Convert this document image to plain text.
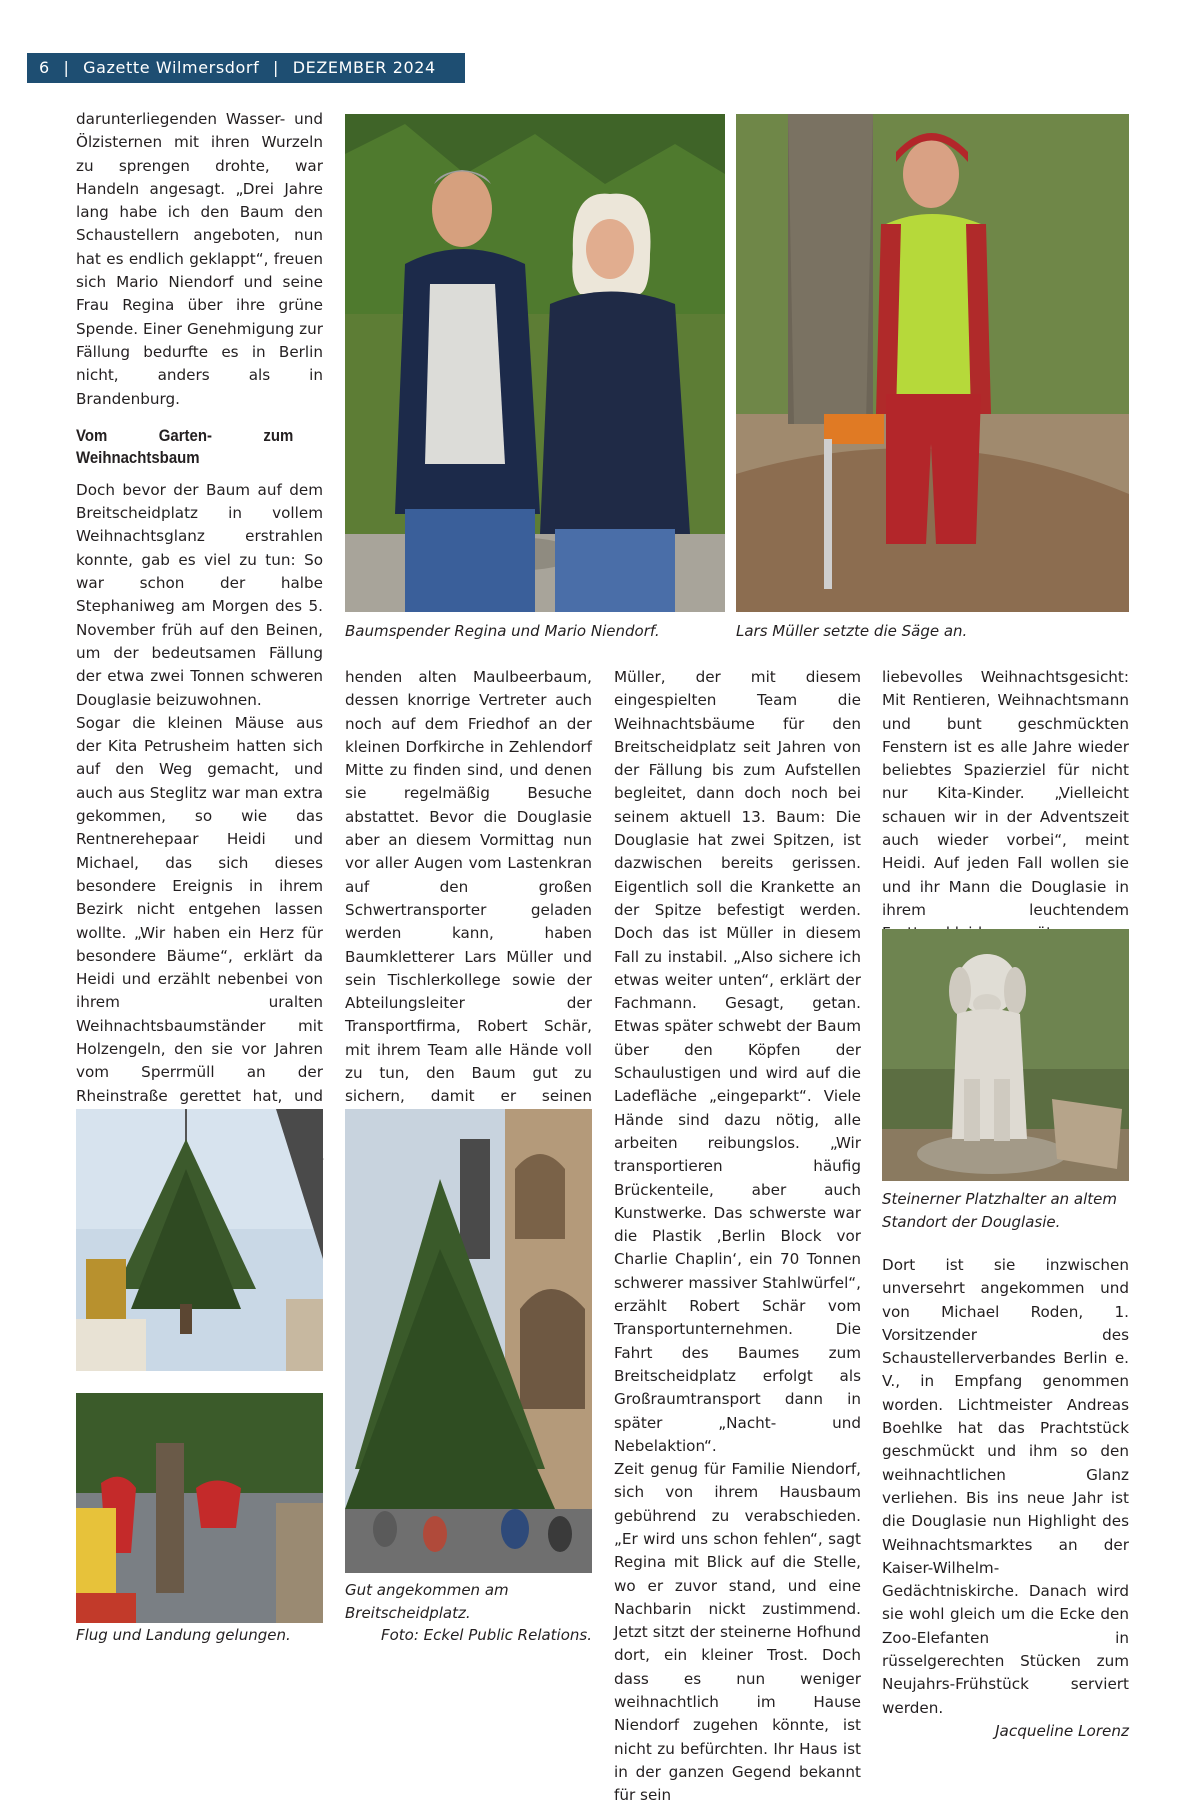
6 | Gazette Wilmersdorf | DEZEMBER 2024

darunterliegenden Wasser- und Ölzisternen mit ihren Wurzeln zu sprengen drohte, war Handeln angesagt. „Drei Jahre lang habe ich den Baum den Schaustellern angeboten, nun hat es endlich geklappt“, freuen sich Mario Niendorf und seine Frau Regina über ihre grüne Spende. Einer Genehmigung zur Fällung bedurfte es in Berlin nicht, anders als in Brandenburg.

Vom Garten- zum Weihnachtsbaum

Doch bevor der Baum auf dem Breitscheidplatz in vollem Weihnachtsglanz erstrahlen konnte, gab es viel zu tun: So war schon der halbe Stephaniweg am Morgen des 5. November früh auf den Beinen, um der bedeutsamen Fällung der etwa zwei Tonnen schweren Douglasie beizuwohnen.

Sogar die kleinen Mäuse aus der Kita Petrusheim hatten sich auf den Weg gemacht, und auch aus Steglitz war man extra gekommen, so wie das Rentnerehepaar Heidi und Michael, das sich dieses besondere Ereignis in ihrem Bezirk nicht entgehen lassen wollte. „Wir haben ein Herz für besondere Bäume“, erklärt da Heidi und erzählt nebenbei von ihrem uralten Weihnachtsbaumständer mit Holzengeln, den sie vor Jahren vom Sperrmüll an der Rheinstraße gerettet hat, und

Baumspender Regina und Mario Niendorf.	Lars Müller setzte die Säge an.

henden alten Maulbeerbaum, dessen knorrige Vertreter auch noch auf dem Friedhof an der kleinen Dorfkirche in Zehlendorf Mitte zu finden sind, und denen sie regelmäßig Besuche abstattet. Bevor die Douglasie aber an diesem Vormittag nun vor aller Augen vom Lastenkran auf den großen Schwertransporter geladen werden kann, haben Baumkletterer Lars Müller und sein Tischlerkollege sowie der Abteilungsleiter der Transportfirma, Robert Schär, mit ihrem Team alle Hände voll zu tun, den Baum gut zu sichern, damit er seinen

Müller, der mit diesem eingespielten Team die Weihnachtsbäume für den Breitscheidplatz seit Jahren von der Fällung bis zum Aufstellen begleitet, dann doch noch bei seinem aktuell 13. Baum: Die Douglasie hat zwei Spitzen, ist dazwischen bereits gerissen. Eigentlich soll die Krankette an der Spitze befestigt werden. Doch das ist Müller in diesem Fall zu instabil. „Also sichere ich etwas weiter unten“, erklärt der Fachmann. Gesagt, getan. Etwas später schwebt der Baum über den Köpfen der Schaulustigen und wird auf die Ladefläche „eingeparkt“. Viele Hände sind dazu nötig, alle arbeiten reibungslos. „Wir transportieren häufig Brückenteile, aber auch Kunstwerke. Das schwerste war die Plastik ‚Berlin Block vor Charlie Chaplin‘, ein 70 Tonnen schwerer massiver Stahlwürfel“, erzählt Robert Schär vom Transportunternehmen. Die Fahrt des Baumes zum Breitscheidplatz erfolgt als Großraumtransport dann in später „Nacht- und Nebelaktion“.

Zeit genug für Familie Niendorf, sich von ihrem Hausbaum gebührend zu verabschieden. „Er wird uns schon fehlen“, sagt Regina mit Blick auf die Stelle, wo er zuvor stand, und eine Nachbarin nickt zustimmend. Jetzt sitzt der steinerne Hofhund dort, ein kleiner Trost. Doch dass es nun weniger weihnachtlich im Hause Niendorf zugehen könnte, ist nicht zu befürchten. Ihr Haus ist in der ganzen Gegend bekannt für sein

liebevolles Weihnachtsgesicht: Mit Rentieren, Weihnachtsmann und bunt geschmückten Fenstern ist es alle Jahre wieder beliebtes Spazierziel für nicht nur Kita-Kinder. „Vielleicht schauen wir in der Adventszeit auch wieder vorbei“, meint Heidi. Auf jeden Fall wollen sie und ihr Mann die Douglasie in ihrem leuchtendem

Steinerner Platzhalter an altem Standort der Douglasie.

Dort ist sie inzwischen unversehrt angekommen und von Michael Roden, 1. Vorsitzender des Schaustellerverbandes Berlin e. V., in Empfang genommen worden. Lichtmeister Andreas Boehlke hat das Prachtstück geschmückt und ihm so den weihnachtlichen Glanz verliehen. Bis ins neue Jahr ist die Douglasie nun Highlight des Weihnachtsmarktes an der Kaiser-Wilhelm-Gedächtniskirche. Danach wird sie wohl gleich um die Ecke den Zoo-Elefanten in rüsselgerechten Stücken zum Neujahrs-Frühstück serviert werden.

Jacqueline Lorenz

Flug und Landung gelungen.
Gut angekommen am
Breitscheidplatz.
Foto: Eckel Public Relations.
